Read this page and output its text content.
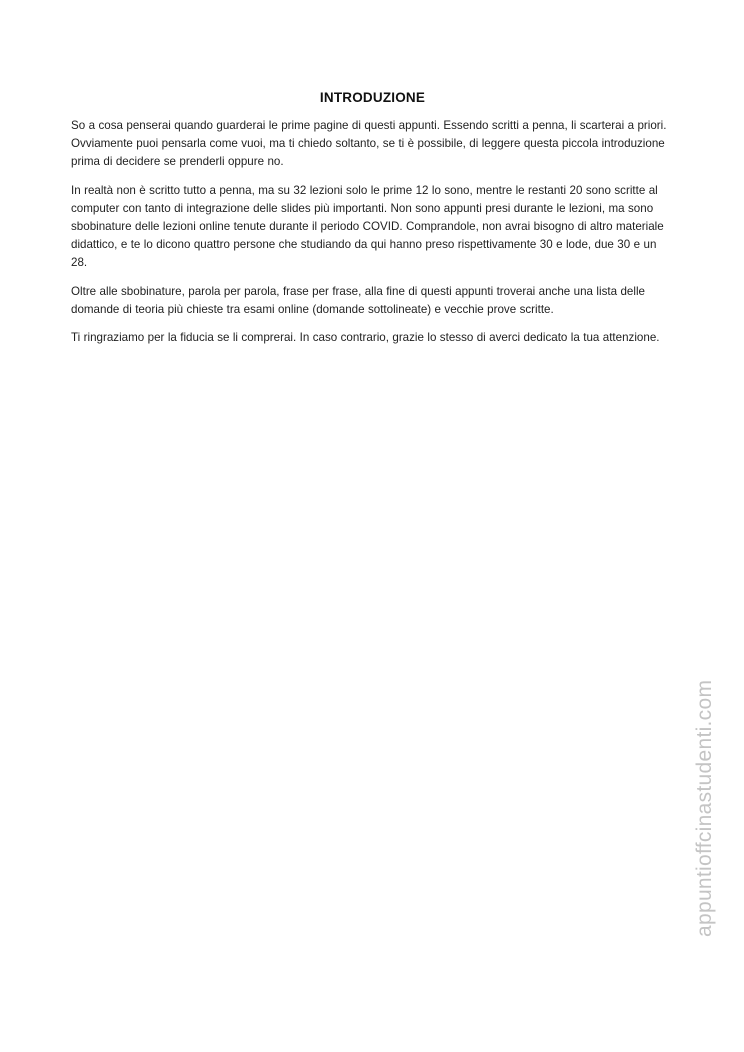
INTRODUZIONE

So a cosa penserai quando guarderai le prime pagine di questi appunti. Essendo scritti a penna, li scarterai a priori. Ovviamente puoi pensarla come vuoi, ma ti chiedo soltanto, se ti è possibile, di leggere questa piccola introduzione prima di decidere se prenderli oppure no.

In realtà non è scritto tutto a penna, ma su 32 lezioni solo le prime 12 lo sono, mentre le restanti 20 sono scritte al computer con tanto di integrazione delle slides più importanti. Non sono appunti presi durante le lezioni, ma sono sbobinature delle lezioni online tenute durante il periodo COVID. Comprandole, non avrai bisogno di altro materiale didattico, e te lo dicono quattro persone che studiando da qui hanno preso rispettivamente 30 e lode, due 30 e un 28.

Oltre alle sbobinature, parola per parola, frase per frase, alla fine di questi appunti troverai anche una lista delle domande di teoria più chieste tra esami online (domande sottolineate) e vecchie prove scritte.

Ti ringraziamo per la fiducia se li comprerai. In caso contrario, grazie lo stesso di averci dedicato la tua attenzione.

appuntioffcinastudenti.com
